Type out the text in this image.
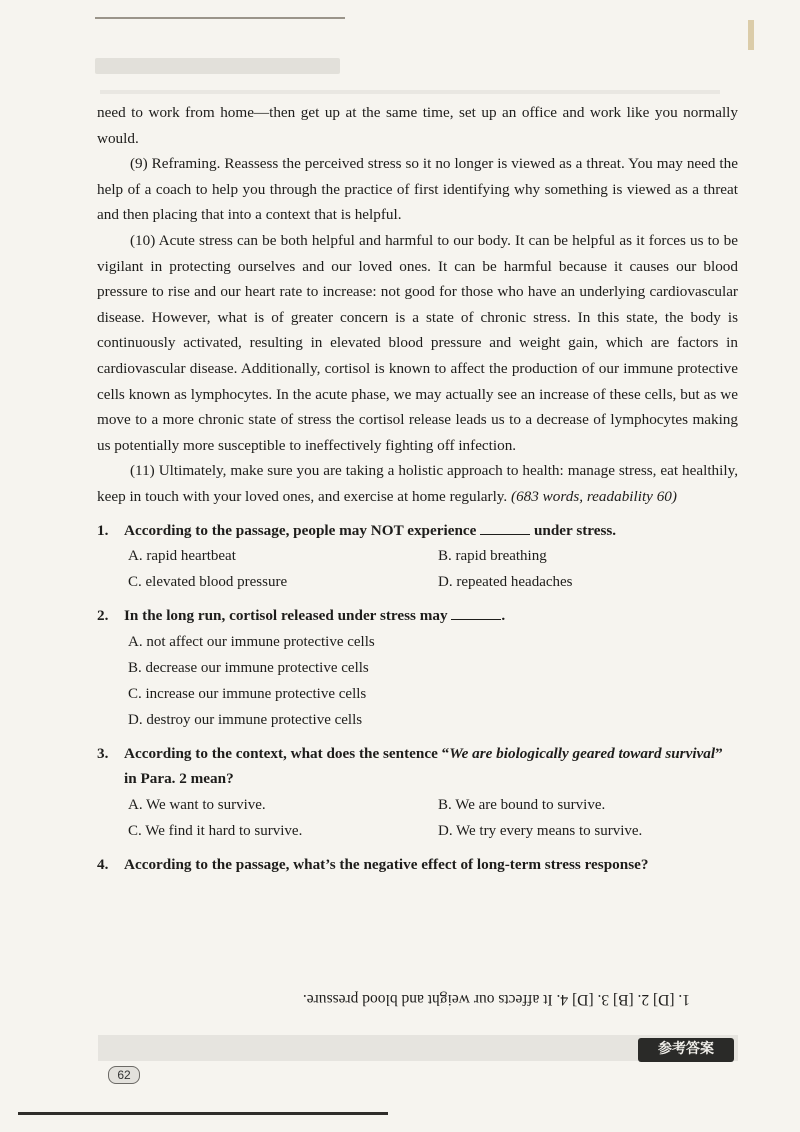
need to work from home—then get up at the same time, set up an office and work like you normally would.

(9) Reframing. Reassess the perceived stress so it no longer is viewed as a threat. You may need the help of a coach to help you through the practice of first identifying why something is viewed as a threat and then placing that into a context that is helpful.

(10) Acute stress can be both helpful and harmful to our body. It can be helpful as it forces us to be vigilant in protecting ourselves and our loved ones. It can be harmful because it causes our blood pressure to rise and our heart rate to increase: not good for those who have an underlying cardiovascular disease. However, what is of greater concern is a state of chronic stress. In this state, the body is continuously activated, resulting in elevated blood pressure and weight gain, which are factors in cardiovascular disease. Additionally, cortisol is known to affect the production of our immune protective cells known as lymphocytes. In the acute phase, we may actually see an increase of these cells, but as we move to a more chronic state of stress the cortisol release leads us to a decrease of lymphocytes making us potentially more susceptible to ineffectively fighting off infection.

(11) Ultimately, make sure you are taking a holistic approach to health: manage stress, eat healthily, keep in touch with your loved ones, and exercise at home regularly. (683 words, readability 60)

1.	According to the passage, people may NOT experience	under stress.
A. rapid heartbeat	B. rapid breathing
C. elevated blood pressure	D. repeated headaches
2.	In the long run, cortisol released under stress may	.
A. not affect our immune protective cells
B. decrease our immune protective cells
C. increase our immune protective cells
D. destroy our immune protective cells
3.	According to the context, what does the sentence “We are biologically geared toward survival” in Para. 2 mean?
A. We want to survive.	B. We are bound to survive.
C. We find it hard to survive.	D. We try every means to survive.
4.	According to the passage, what’s the negative effect of long-term stress response?
1. [D] 2. [B] 3. [D] 4. It affects our weight and blood pressure.
参考答案
62
